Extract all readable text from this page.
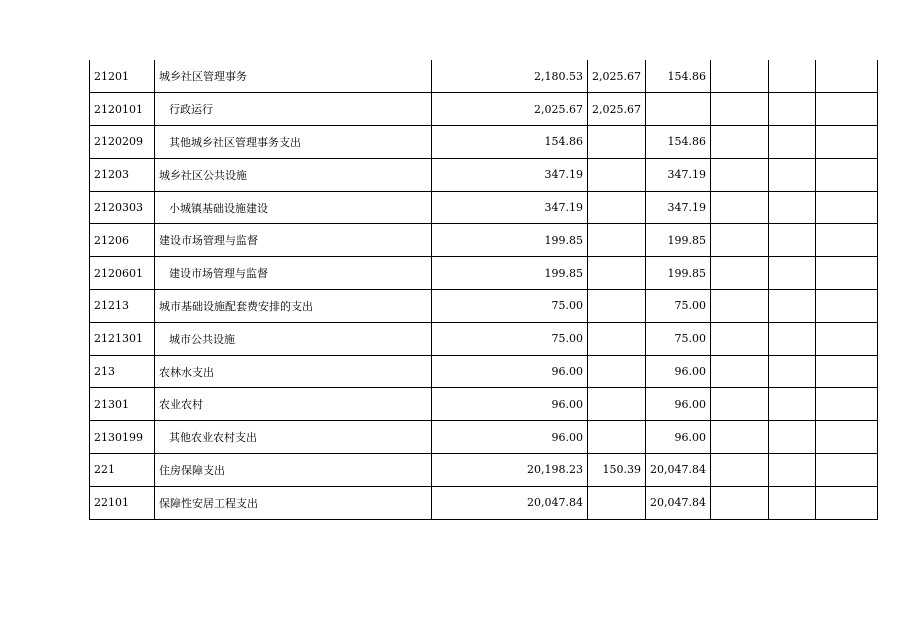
21201	城乡社区管理事务	2,180.53	2,025.67	154.86			
2120101	行政运行	2,025.67	2,025.67				
2120209	其他城乡社区管理事务支出	154.86		154.86			
21203	城乡社区公共设施	347.19		347.19			
2120303	小城镇基础设施建设	347.19		347.19			
21206	建设市场管理与监督	199.85		199.85			
2120601	建设市场管理与监督	199.85		199.85			
21213	城市基础设施配套费安排的支出	75.00		75.00			
2121301	城市公共设施	75.00		75.00			
213	农林水支出	96.00		96.00			
21301	农业农村	96.00		96.00			
2130199	其他农业农村支出	96.00		96.00			
221	住房保障支出	20,198.23	150.39	20,047.84			
22101	保障性安居工程支出	20,047.84		20,047.84			
